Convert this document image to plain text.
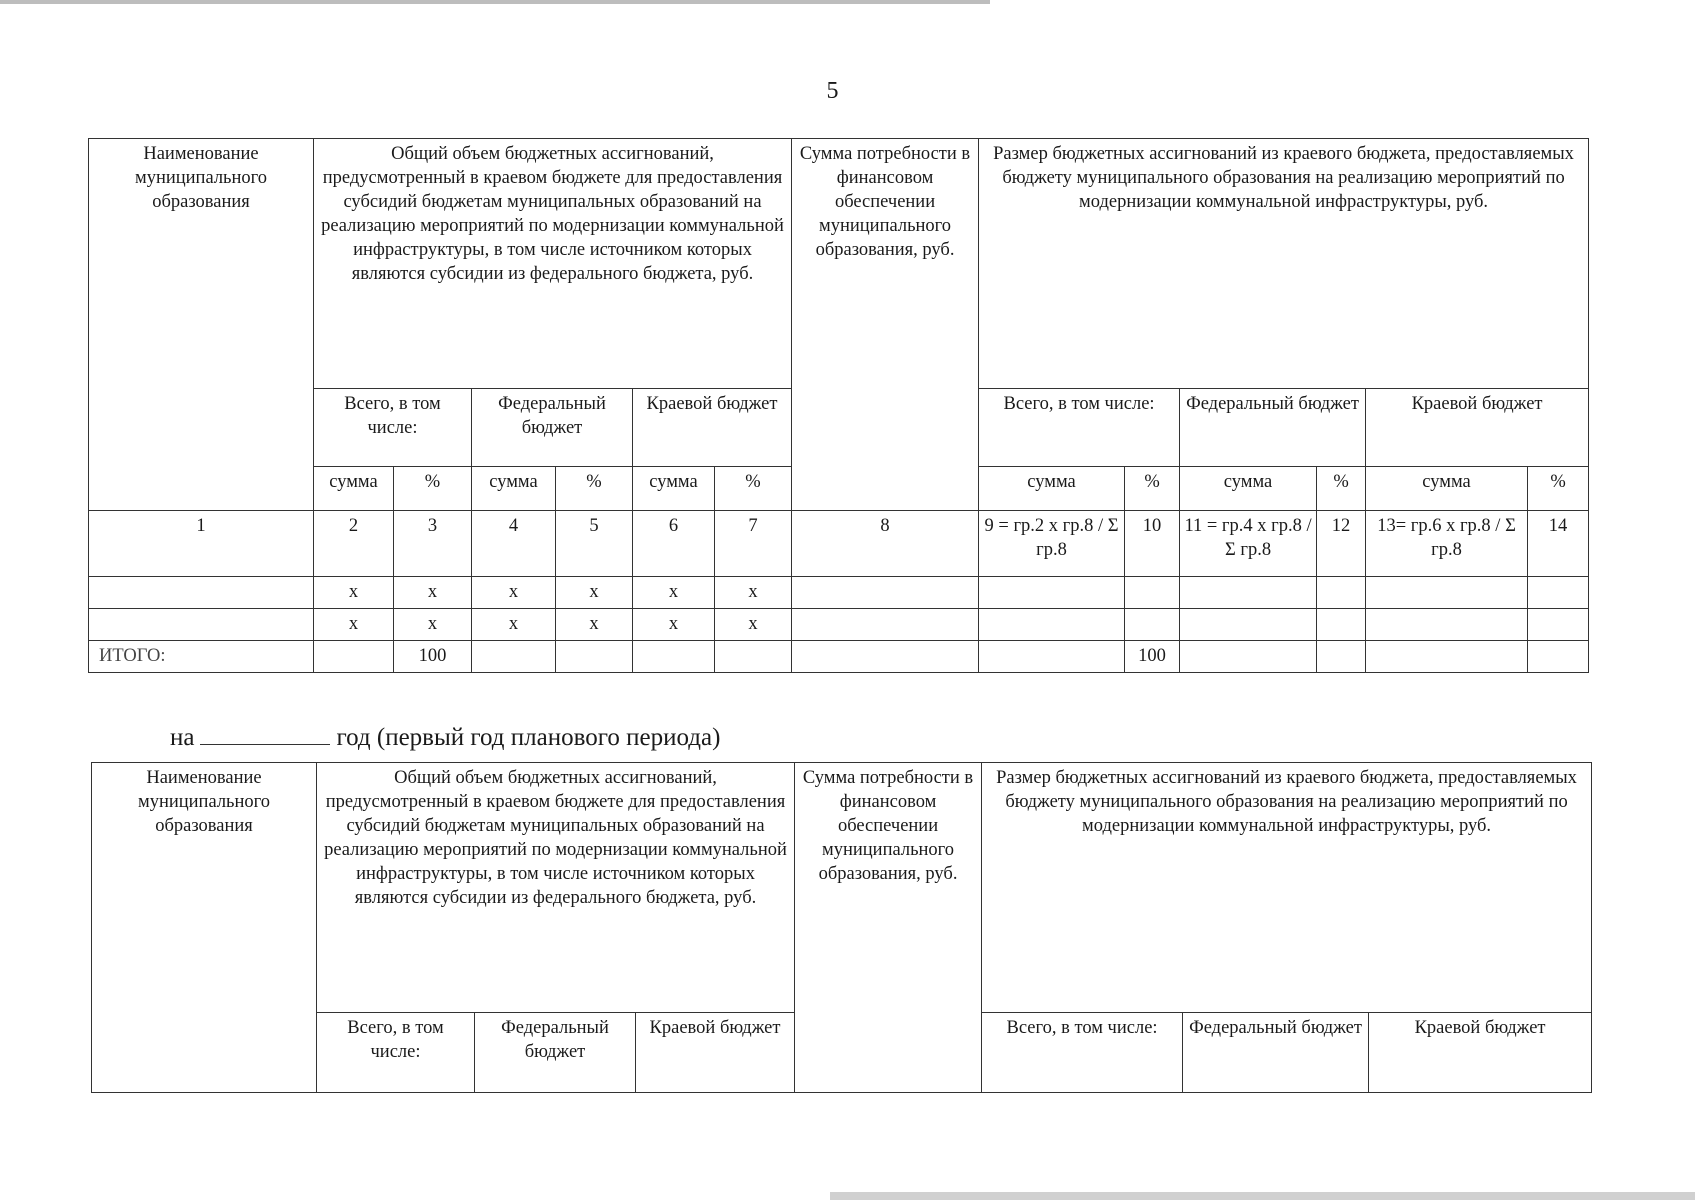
5
Наименование муниципального образования	Общий объем бюджетных ассигнований, предусмотренный в краевом бюджете для предоставления субсидий бюджетам муниципальных образований на реализацию мероприятий по модернизации коммунальной инфраструктуры, в том числе источником которых являются субсидии из федерального бюджета, руб.						Сумма потребности в финансовом обеспечении муниципального образования, руб.	Размер бюджетных ассигнований из краевого бюджета, предоставляемых бюджету муниципального образования на реализацию мероприятий по модернизации коммунальной инфраструктуры, руб.					
	Всего, в том числе:		Федеральный бюджет		Краевой бюджет			Всего, в том числе:		Федеральный бюджет		Краевой бюджет	
	сумма	%	сумма	%	сумма	%		сумма	%	сумма	%	сумма	%
1	2	3	4	5	6	7	8	9 = гр.2 х гр.8 / Σ гр.8	10	11 = гр.4 х гр.8 / Σ гр.8	12	13= гр.6 х гр.8 / Σ гр.8	14
	х	х	х	х	х	х							
	х	х	х	х	х	х							
ИТОГО:		100							100				
на	год (первый год планового периода)
Наименование муниципального образования	Общий объем бюджетных ассигнований, предусмотренный в краевом бюджете для предоставления субсидий бюджетам муниципальных образований на реализацию мероприятий по модернизации коммунальной инфраструктуры, в том числе источником которых являются субсидии из федерального бюджета, руб.			Сумма потребности в финансовом обеспечении муниципального образования, руб.	Размер бюджетных ассигнований из краевого бюджета, предоставляемых бюджету муниципального образования на реализацию мероприятий по модернизации коммунальной инфраструктуры, руб.		
	Всего, в том числе:	Федеральный бюджет	Краевой бюджет		Всего, в том числе:	Федеральный бюджет	Краевой бюджет
